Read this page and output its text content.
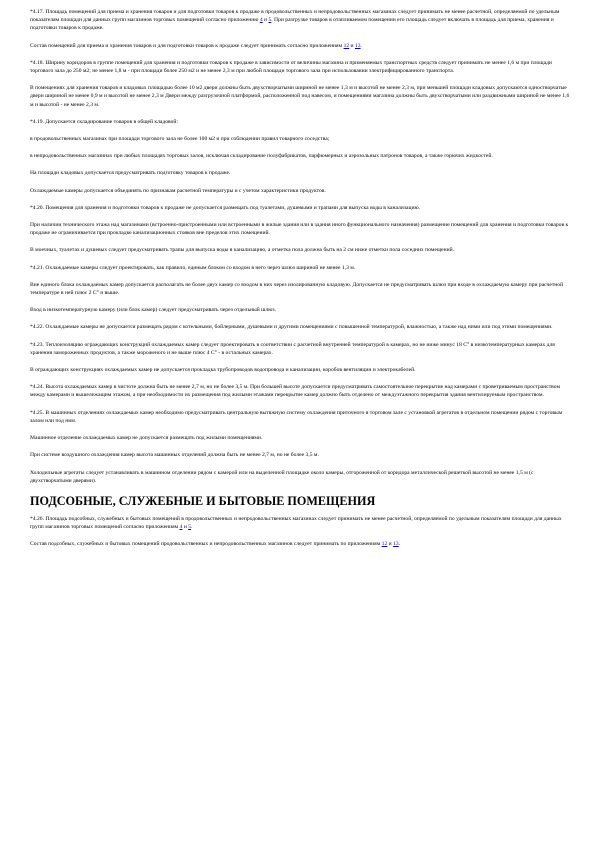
*4.17. Площадь помещений для приема и хранения товаров и для подготовки товаров к продаже в продовольственных и непродовольственных магазинах следует принимать не менее расчетной, определяемой по удельным показателям площади для данных групп магазинов торговых помещений согласно приложению 4 и 5. При разгрузке товаров в отапливаемом помещении его площадь следует включать в площадь для приема, хранения и подготовки товаров к продаже.
Состав помещений для приема и хранения товаров и для подготовки товаров к продаже следует принимать согласно приложениям 12 и 13.
*4.18. Ширину коридоров в группе помещений для хранения и подготовки товаров к продаже в зависимости от величины магазина и применяемых транспортных средств следует принимать не менее 1,6 м при площади торгового зала до 250 м2; не менее 1,8 м - при площади более 250 м2 и не менее 2,3 м при любой площади торгового зала при использовании электрифицированного транспорта.
В помещениях для хранения товаров и кладовых площадью более 10 м2 двери должны быть двухстворчатыми шириной не менее 1,3 м и высотой не менее 2,3 м, при меньшей площади кладовых допускаются одностворчатые двери шириной не менее 0,9 м и высотой не менее 2,3 м Двери между разгрузочной платформой, расположенной под навесом, и помещениями магазина должны быть двухстворчатыми или раздвижными шириной не менее 1,6 м и высотой - не менее 2,3 м.
*4.19. Допускается складирование товаров в общей кладовой:
в продовольственных магазинах при площади торгового зала не более 100 м2 и при соблюдении правил товарного соседства;
в непродовольственных магазинах при любых площадях торговых залов, исключая складирование полуфабрикатов, парфюмерных и аэрозольных патронов товаров, а также горючих жидкостей.
На площади кладовых допускается предусматривать подготовку товаров к продаже.
Охлаждаемые камеры допускается объединять по признакам расчетной температуры и с учетом характеристики продуктов.
*4.20. Помещения для хранения и подготовки товаров к продаже не допускается размещать под туалетами, душевыми и трапами для выпуска воды в канализацию.
При наличии технического этажа над магазинами (встроенно-пристроенными или встроенными в жилые здания или в здания иного функционального назначения) размещение помещений для хранения и подготовки товаров к продаже не ограничивается при прокладке канализационных стояков вне пределов этих помещений.
В моечных, туалетах и душевых следует предусматривать трапы для выпуска воды в канализацию, а отметка пола должна быть на 2 см ниже отметки пола соседних помещений.
*4.21. Охлаждаемые камеры следует проектировать, как правило, единым блоком со входом в него через шлюз шириной не менее 1,3 м.
Вне единого блока охлаждаемых камер допускается располагать не более двух камер со входом в них через изолированную кладовую. Допускается не предусматривать шлюз при входе в охлаждаемую камеру при расчетной температуре в ней плюс 2 С° и выше.
Вход в низкотемпературную камеру (или блок камер) следует предусматривать через отдельный шлюз.
*4.22. Охлаждаемые камеры не допускается размещать рядом с котельными, бойлерными, душевыми и другими помещениями с повышенной температурой, влажностью, а также над ними или под этими помещениями.
*4.23. Теплоизоляцию ограждающих конструкций охлаждаемых камер следует проектировать в соответствии с расчетной внутренней температурой в камерах, но не ниже минус 18 С° в низкотемпературных камерах для хранения замороженных продуктов, а также мороженого и не выше плюс 4 С° - в остальных камерах.
В ограждающих конструкциях охлаждаемых камер не допускается прокладка трубопроводов водопровода и канализации, коробов вентиляции и электрокабелей.
*4.24. Высота охлаждаемых камер в чистоте должна быть не менее 2,7 м, но не более 3,5 м. При большей высоте допускается предусматривать самостоятельное перекрытие над камерами с проветриваемым пространством между камерами и вышележащим этажом, а при необходимости их размещения под жилыми этажами перекрытие камер должно быть отделено от междуэтажного перекрытия здания вентилируемым пространством.
*4.25. В машинных отделениях охлаждаемых камер необходимо предусматривать центральную вытяжную систему охлаждения приточного в торговом зале с установкой агрегатов в отдельном помещении рядом с торговым залом или под ним.
Машинное отделение охлаждаемых камер не допускается размещать под жилыми помещениями.
При системе воздушного охлаждения камер высота машинных отделений должна быть не менее 2,7 м, но не более 3,5 м.
Холодильные агрегаты следует устанавливать в машинном отделении рядом с камерой или на выделенной площадке около камеры, отгороженной от коридора металлической решеткой высотой не менее 1,5 м (с двухстворчатыми дверями).
ПОДСОБНЫЕ, СЛУЖЕБНЫЕ И БЫТОВЫЕ ПОМЕЩЕНИЯ
*4.26. Площадь подсобных, служебных и бытовых помещений в продовольственных и непродовольственных магазинах следует принимать не менее расчетной, определяемой по удельным показателям площади для данных групп магазинов торговых помещений согласно приложениям 4 и 5.
Состав подсобных, служебных и бытовых помещений продовольственных и непродовольственных магазинов следует принимать по приложениям 12 и 13.
